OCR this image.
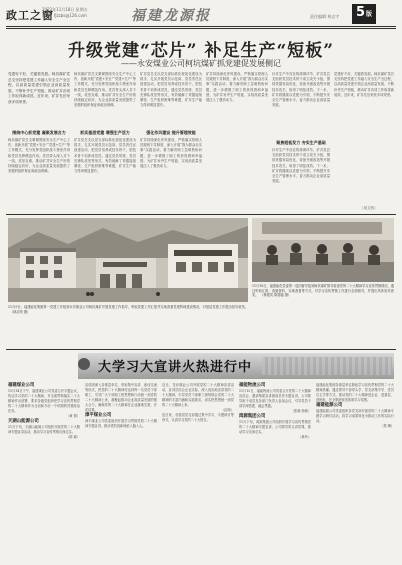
政工之窗
2022年11月18日 星期五
邮箱：fjzzbs@126.com	福建龙源报	责任编辑 林志宇	5版
升级党建“芯片” 补足生产“短板”
——永安煤业公司柯坑煤矿抓党建促发展侧记
党建好不好，关键看发展。柯坑煤矿党总支坚持把党建工作融入安全生产全过程，以高质量党建引领企业高质量发展，不断补齐生产短板，推动矿井各项工作取得新成效。近年来，矿井先后荣获多项荣誉。
围绕中心抓党建 凝聚发展合力
柯坑煤矿党总支紧紧围绕安全生产中心工作，创新开展“党建+安全”“党建+生产”等工作模式，充分发挥党组织战斗堡垒作用和党员先锋模范作用。党员带头深入井下一线，攻坚克难，推动矿井安全生产形势持续稳定向好，为企业高质量发展提供了坚强的组织保证和政治保障。
柯坑煤矿党总支紧紧围绕安全生产中心工作，创新开展“党建+安全”“党建+生产”等工作模式，充分发挥党组织战斗堡垒作用和党员先锋模范作用。党员带头深入井下一线，攻坚克难，推动矿井安全生产形势持续稳定向好，为企业高质量发展提供了坚强的组织保证和政治保障。
抓实基层党建 增强生产活力
矿井党总支以党支部标准化规范化建设为抓手，扎实开展党员示范岗、党员责任区创建活动，把党员培养成技术骨干，把技术骨干培养成党员。通过党员带班、党员先锋队攻坚等形式，有效破解了采掘接续紧张、生产组织困难等难题，矿井生产能力得到明显提升。
矿井党总支以党支部标准化规范化建设为抓手，扎实开展党员示范岗、党员责任区创建活动，把党员培养成技术骨干，把技术骨干培养成党员。通过党员带班、党员先锋队攻坚等形式，有效破解了采掘接续紧张、生产组织困难等难题，矿井生产能力得到明显提升。
强化作风建设 提升管理效能
矿井持续深化作风建设，严格落实管理人员跟班下井制度，深入开展“我为群众办实事”实践活动，着力解决职工急难愁盼问题，进一步增强了职工的获得感和幸福感，为矿井补齐生产短板、实现高质量发展注入了强劲动力。
矿井持续深化作风建设，严格落实管理人员跟班下井制度，深入开展“我为群众办实事”实践活动，着力解决职工急难愁盼问题，进一步增强了职工的获得感和幸福感，为矿井补齐生产短板、实现高质量发展注入了强劲动力。
针对生产中存在的薄弱环节，矿井党总支组织党员技术骨干成立攻关小组，围绕采掘布局优化、设备升级改造等开展技术攻关，取得了明显成效。下一步，矿井将继续以党建为引领，不断提升安全生产管理水平，奋力推动企业高质量发展。
聚焦短板发力 夯实生产基础
针对生产中存在的薄弱环节，矿井党总支组织党员技术骨干成立攻关小组，围绕采掘布局优化、设备升级改造等开展技术攻关，取得了明显成效。下一步，矿井将继续以党建为引领，不断提升安全生产管理水平，奋力推动企业高质量发展。
党建好不好，关键看发展。柯坑煤矿党总支坚持把党建工作融入安全生产全过程，以高质量党建引领企业高质量发展，不断补齐生产短板，推动矿井各项工作取得新成效。近年来，矿井先后荣获多项荣誉。
（吴文晋）
11月10日，福建能化党委第一巡回督导组到柯坑煤矿督导检查党的二十大精神学习宣传贯彻情况，通过听取汇报、查阅资料、实地查看等方式，对学习宣传贯彻工作进行全面督导，并提出具体指导意见。 （林建英 陈德福 摄）
11月9日，福建能化集团第一党建工作组到永安煤业公司柯坑煤矿开展党建工作指导，听取党建工作汇报并实地查看党建阵地建设情况，对基层党建工作提出指导意见。（林启荣 摄）
大学习大宣讲火热进行中
福建煤业公司
11月14日下午，福建煤业公司党委召开专题会议，传达学习党的二十大精神，对全面贯彻落实二十大精神作出部署，要求各级党组织把学习宣传贯彻党的二十大精神作为当前和今后一个时期的首要政治任务。
（黄 倩）
天湖山能源公司
11月下旬，天湖山能源公司组织开展党的二十大精神专题宣讲活动，推动学习宣传贯彻走深走实。
（陈 颖）
宣讲团深入各基层单位，采取集中宣讲、座谈交流等形式，把党的二十大精神传达到每一名党员干部职工，引导广大干部职工把思想和行动统一到党的二十大精神上来，凝聚起推动企业高质量发展的强大合力，确保党的二十大精神在企业落地生根、开花结果。
漳平煤业公司
漳平煤业公司党委组织开展学习贯彻党的二十大精神专题宣讲，推动党的创新理论入脑入心。
近日，龙岩煤业公司开展党的二十大精神宣讲活动，宣讲员结合企业实际，深入浅出地宣讲党的二十大精神，引导党员干部职工深刻领会党的二十大精神的丰富内涵和实践要求，切实把思想统一到党的二十大精神上来。
（邱伟）
连日来，各基层党支部通过集中学习、专题研讨等形式，认真学习党的二十大报告。
福能物流公司
11月15日，福能物流公司党委召开党的二十大精神宣讲会，邀请集团宣讲团成员作专题宣讲，公司领导班子成员及各部门负责人参加会议，引导党员干部学深悟透、融会贯通。
（张晓 杨敏）
鸿源集团公司
11月下旬，鸿源集团公司组织开展学习宣传贯彻党的二十大精神专题宣讲，公司领导带头讲党课，推动学习走深走实。
（林玲）
福建能化集团各基层单位掀起学习宣传贯彻党的二十大精神热潮，通过领导干部带头学、党支部集中学、党员自主学等方式，推动党的二十大精神进企业、进基层、进班组，在全集团营造浓厚学习氛围。
福建能源公司
福建能源公司党委组织各党支部开展党的二十大精神专题学习研讨活动，将学习成果转化为推动工作的实际行动。
（郑 琳）
